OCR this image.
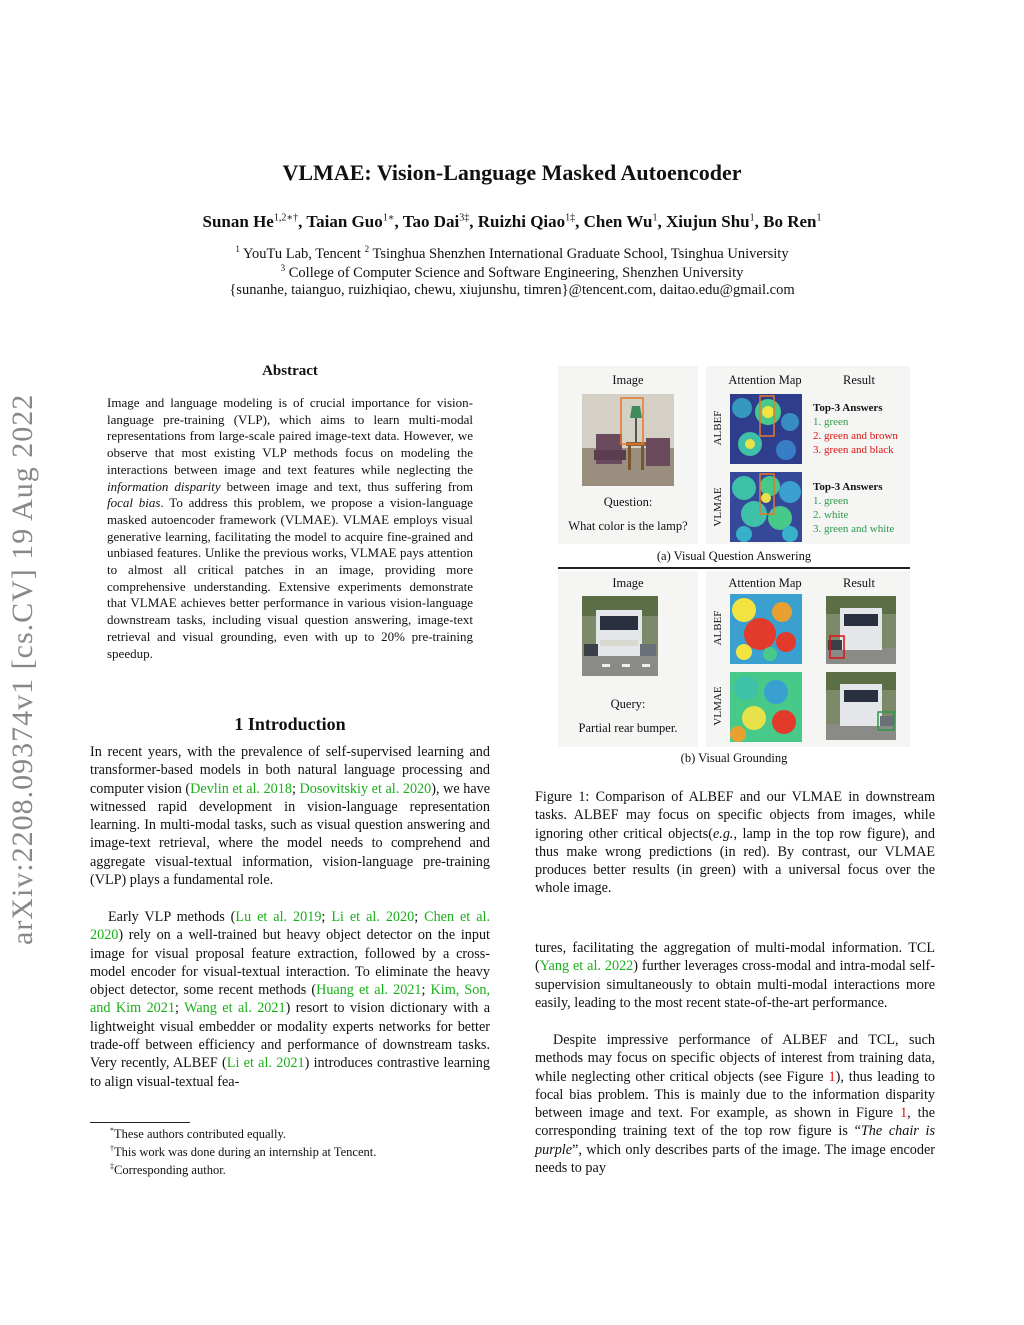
VLMAE: Vision-Language Masked Autoencoder
Sunan $He^{1,2∗\dagger}$, Taian Guo$^{1∗}$, Tao Dai$^{3\ddagger}$, Ruizhi Qiao$^{1\ddagger}$, Chen Wu$^1$, Xiujun Shu$^1$, Bo Ren$^1$
$^1$ YouTu Lab, Tencent $^2$ Tsinghua Shenzhen International Graduate School, Tsinghua University
$^3$ College of Computer Science and Software Engineering, Shenzhen University
{sunanhe, taianguo, ruizhiqiao, chewu, xiujunshu, timren}@tencent.com, daitao.edu@gmail.com
arXiv:2208.09374v1 [cs.CV] 19 Aug 2022
Abstract
Image and language modeling is of crucial importance for vision-language pre-training (VLP), which aims to learn multi-modal representations from large-scale paired image-text data. However, we observe that most existing VLP methods focus on modeling the interactions between image and text features while neglecting the information disparity between image and text, thus suffering from focal bias. To address this problem, we propose a vision-language masked autoencoder framework (VLMAE). VLMAE employs visual generative learning, facilitating the model to acquire fine-grained and unbiased features. Unlike the previous works, VLMAE pays attention to almost all critical patches in an image, providing more comprehensive understanding. Extensive experiments demonstrate that VLMAE achieves better performance in various vision-language downstream tasks, including visual question answering, image-text retrieval and visual grounding, even with up to 20% pre-training speedup.
1 Introduction
In recent years, with the prevalence of self-supervised learning and transformer-based models in both natural language processing and computer vision (Devlin et al. 2018; Dosovitskiy et al. 2020), we have witnessed rapid development in vision-language representation learning. In multi-modal tasks, such as visual question answering and image-text retrieval, where the model needs to comprehend and aggregate visual-textual information, vision-language pre-training (VLP) plays a fundamental role.
Early VLP methods (Lu et al. 2019; Li et al. 2020; Chen et al. 2020) rely on a well-trained but heavy object detector on the input image for visual proposal feature extraction, followed by a cross-model encoder for visual-textual interaction. To eliminate the heavy object detector, some recent methods (Huang et al. 2021; Kim, Son, and Kim 2021; Wang et al. 2021) resort to vision dictionary with a lightweight visual embedder or modality experts networks for better trade-off between efficiency and performance of downstream tasks. Very recently, ALBEF (Li et al. 2021) introduces contrastive learning to align visual-textual fea-
*These authors contributed equally.
†This work was done during an internship at Tencent.
‡Corresponding author.
Image	Attention Map	Result
Question:
What color is the lamp?
ALBEF
VLMAE
Top-3 Answers
1. green
2. green and brown
3. green and black
Top-3 Answers
1. green
2. white
3. green and white
(a) Visual Question Answering
Image	Attention Map	Result
Query:
Partial rear bumper.
ALBEF
VLMAE
(b) Visual Grounding
Figure 1: Comparison of ALBEF and our VLMAE in downstream tasks. ALBEF may focus on specific objects from images, while ignoring other critical objects(e.g., lamp in the top row figure), and thus make wrong predictions (in red). By contrast, our VLMAE produces better results (in green) with a universal focus over the whole image.
tures, facilitating the aggregation of multi-modal information. TCL (Yang et al. 2022) further leverages cross-modal and intra-modal self-supervision simultaneously to obtain multi-modal interactions more easily, leading to the most recent state-of-the-art performance.
Despite impressive performance of ALBEF and TCL, such methods may focus on specific objects of interest from training data, while neglecting other critical objects (see Figure 1), thus leading to focal bias problem. This is mainly due to the information disparity between image and text. For example, as shown in Figure 1, the corresponding training text of the top row figure is “The chair is purple”, which only describes parts of the image. The image encoder needs to pay
